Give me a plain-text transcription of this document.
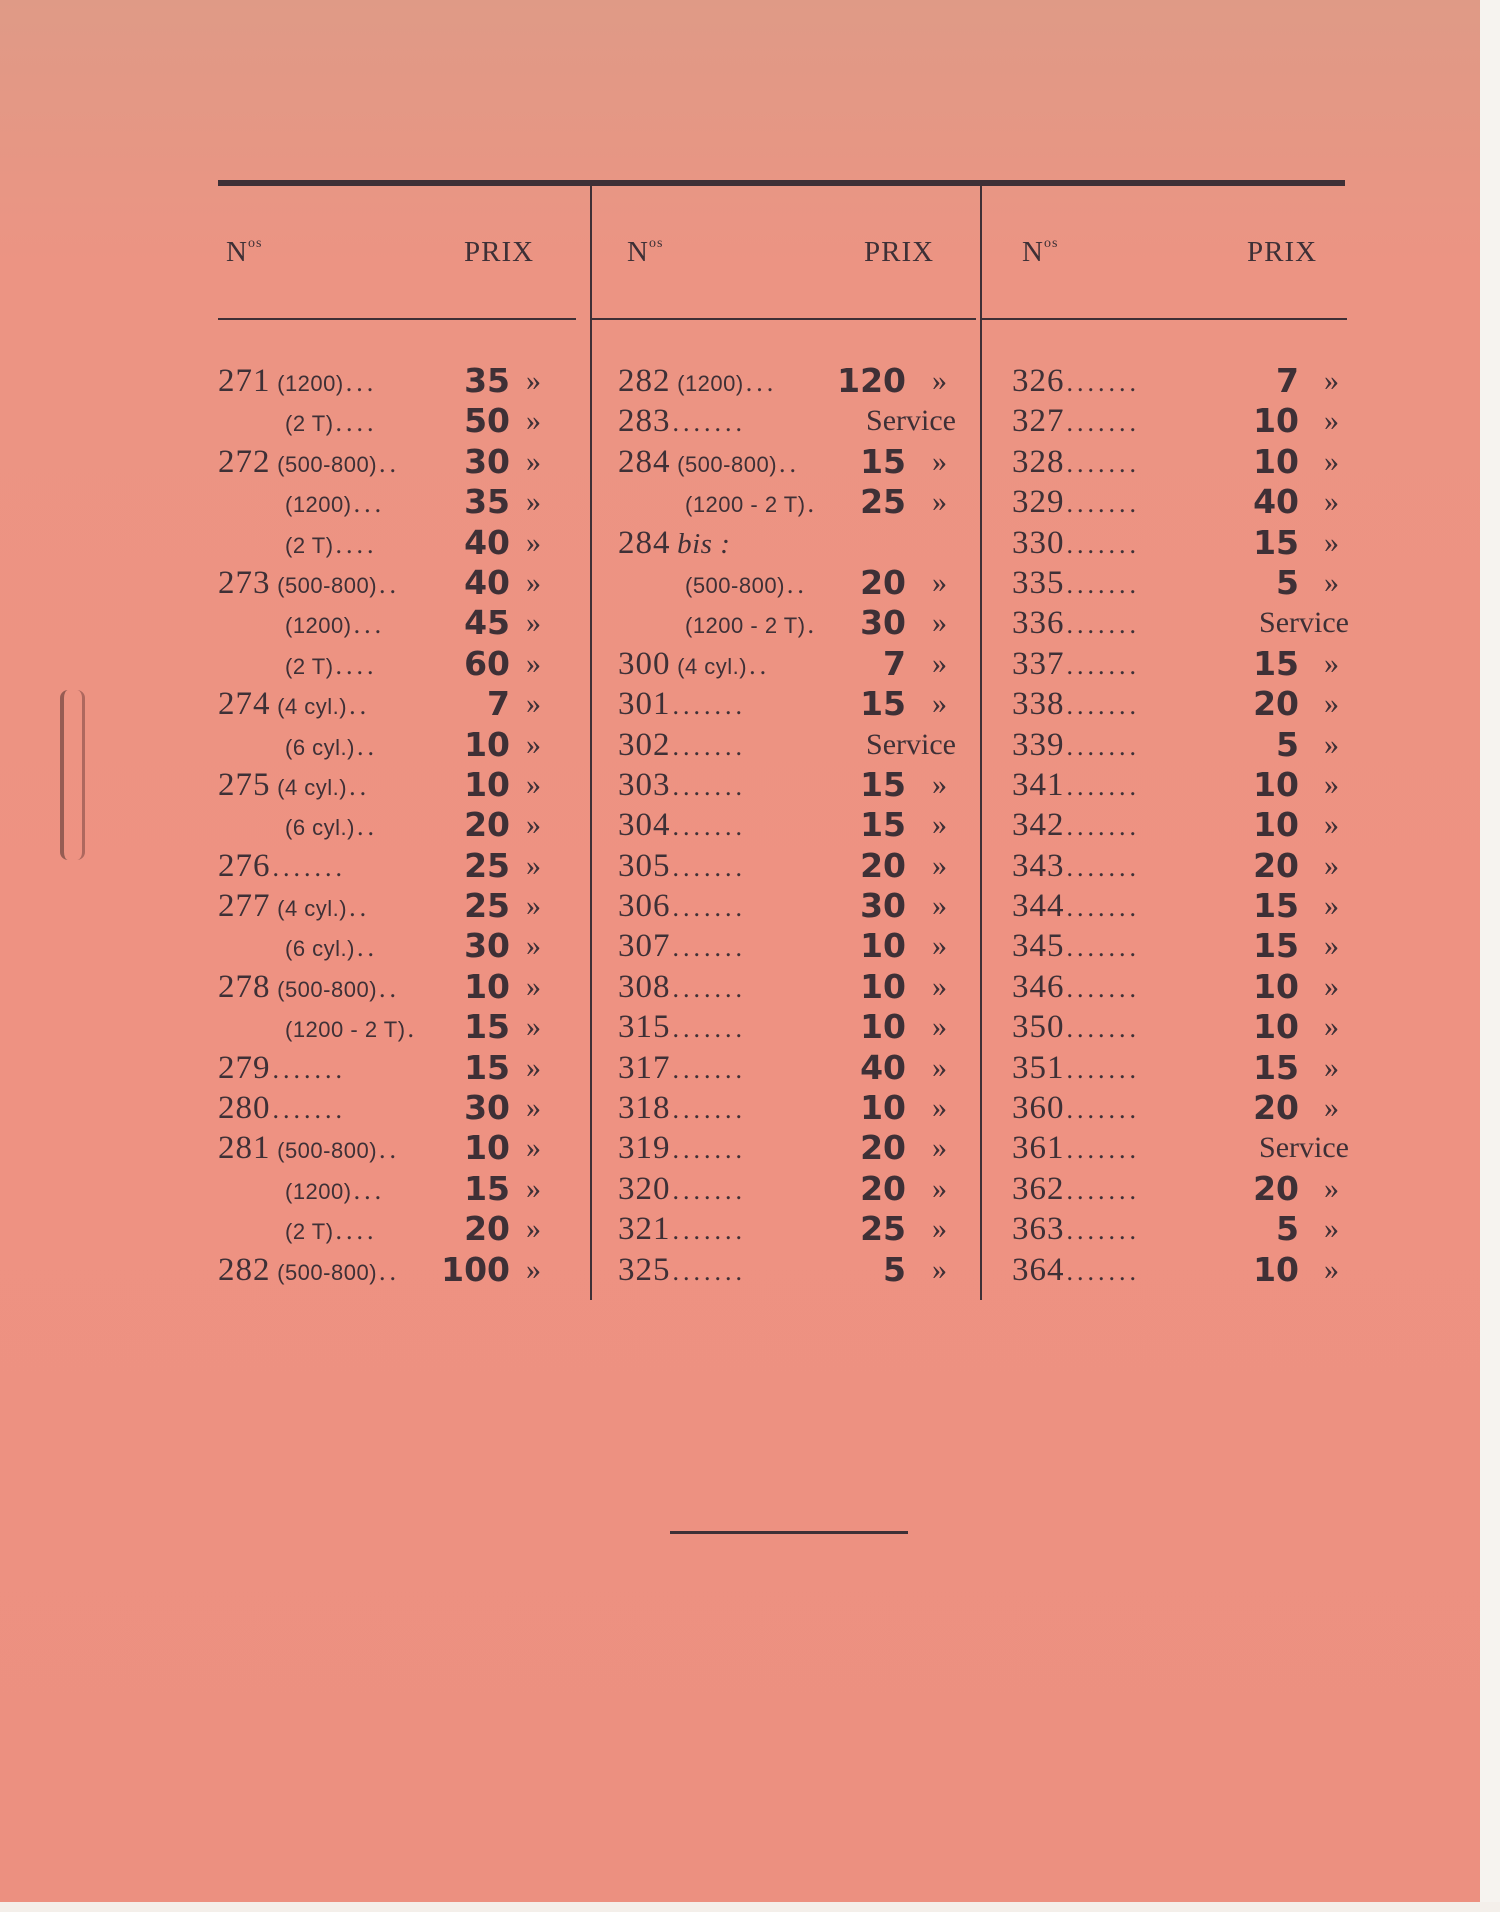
$N^{os}$	PRIX
271 (1200)...	35 »
(2 T)....	50 »
272 (500-800).. 30 »
(1200)... 35 »
(2 T)....	40 »
273 (500-800).. 40 »
(1200)... 45 »
(2 T)....	60 »
274 (4 cyl.)..	7 »
(6 cyl.)..	10 »
275 (4 cyl.)..	10 »
(6 cyl.)..	20 »
276.......	25 »
277 (4 cyl.)..	25 »
(6 cyl.)..	30 »
278 (500-800).. 10 »
(1200 - 2 T). 15 »
279.......	15 »
280.......	30 »
281 (500-800).. 10 »
(1200)... 15 »
(2 T)....	20 »
282 (500-800).. 100 »
$N^{os}$	PRIX
282 (1200)... 120 »
283.......	Service
284 (500-800).. 15 »
(1200 - 2 T). 25 »
284 bis :
(500-800).. 20 »
(1200 - 2 T). 30 »
300 (4 cyl.)..	7 »
301.......	15 »
302.......	Service
303.......	15 »
304.......	15 »
305.......	20 »
306.......	30 »
307.......	10 »
308.......	10 »
315.......	10 »
317.......	40 »
318.......	10 »
319.......	20 »
320.......	20 »
321.......	25 »
325.......	5 »
$N^{os}$	PRIX
326.......	7 »
327.......	10 »
328.......	10 »
329.......	40 »
330.......	15 »
335.......	5 »
336.......	Service
337.......	15 »
338.......	20 »
339.......	5 »
341.......	10 »
342.......	10 »
343.......	20 »
344.......	15 »
345.......	15 »
346.......	10 »
350.......	10 »
351.......	15 »
360.......	20 »
361.......	Service
362.......	20 »
363.......	5 »
364.......	10 »
